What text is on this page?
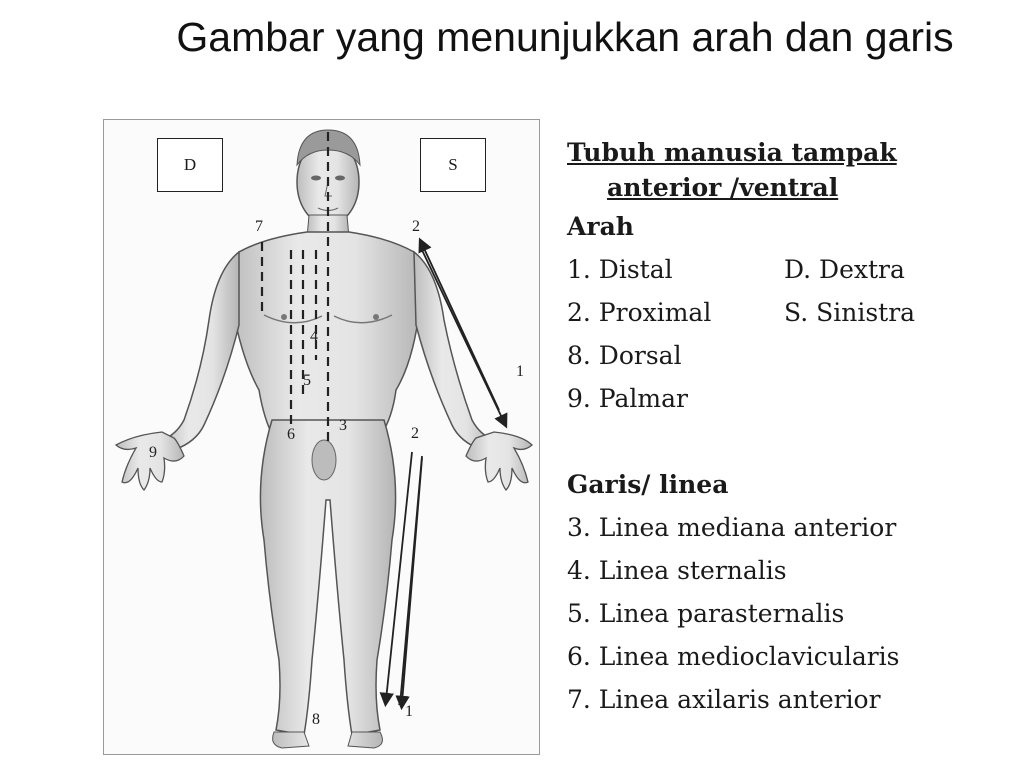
Gambar yang menunjukkan arah dan garis
D	S
7	2
1
4
5
6
3
9
2
1
8
Tubuh manusia tampak
anterior /ventral
Arah
1. Distal	D. Dextra
2. Proximal	S. Sinistra
8. Dorsal
9. Palmar
Garis/ linea
3. Linea mediana anterior
4. Linea sternalis
5. Linea parasternalis
6. Linea medioclavicularis
7. Linea axilaris anterior
